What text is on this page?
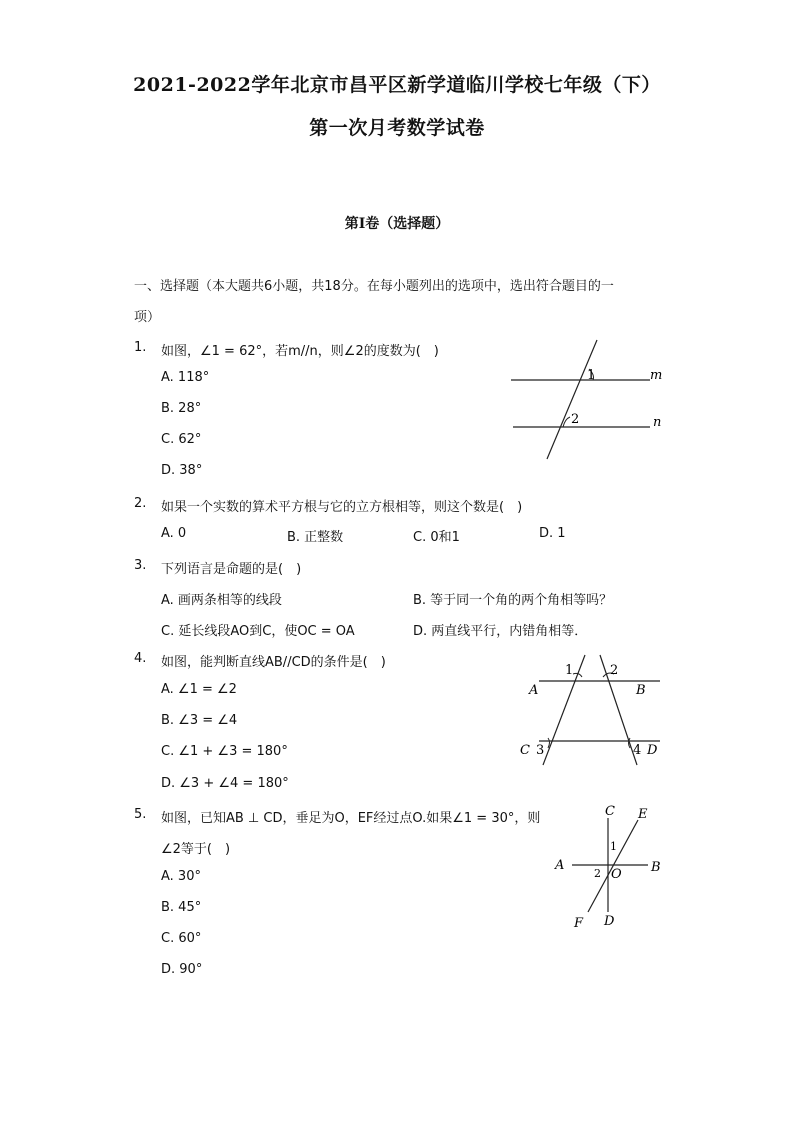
2021-2022学年北京市昌平区新学道临川学校七年级（下）
第一次月考数学试卷
第I卷（选择题）
一、选择题（本大题共6小题，共18分。在每小题列出的选项中，选出符合题目的一
项）
1. 如图，∠1 = 62°，若m//n，则∠2的度数为(　)
A. 118°
B. 28°
C. 62°
D. 38°
1	m
2	n
2. 如果一个实数的算术平方根与它的立方根相等，则这个数是(　)
A. 0	B. 正整数	C. 0和1	D. 1
3. 下列语言是命题的是(　)
A. 画两条相等的线段	B. 等于同一个角的两个角相等吗？
C. 延长线段AO到C，使OC = OA	D. 两直线平行，内错角相等．
4. 如图，能判断直线AB//CD的条件是(　)
A. ∠1 = ∠2
B. ∠3 = ∠4
C. ∠1 + ∠3 = 180°
D. ∠3 + ∠4 = 180°
1	2
A	B
C 3	4 D
5. 如图，已知AB ⊥ CD，垂足为O，EF经过点O.如果∠1 = 30°，则
∠2等于(　)
A. 30°
B. 45°
C. 60°
D. 90°
C E
1
A	B
2 O
F D
